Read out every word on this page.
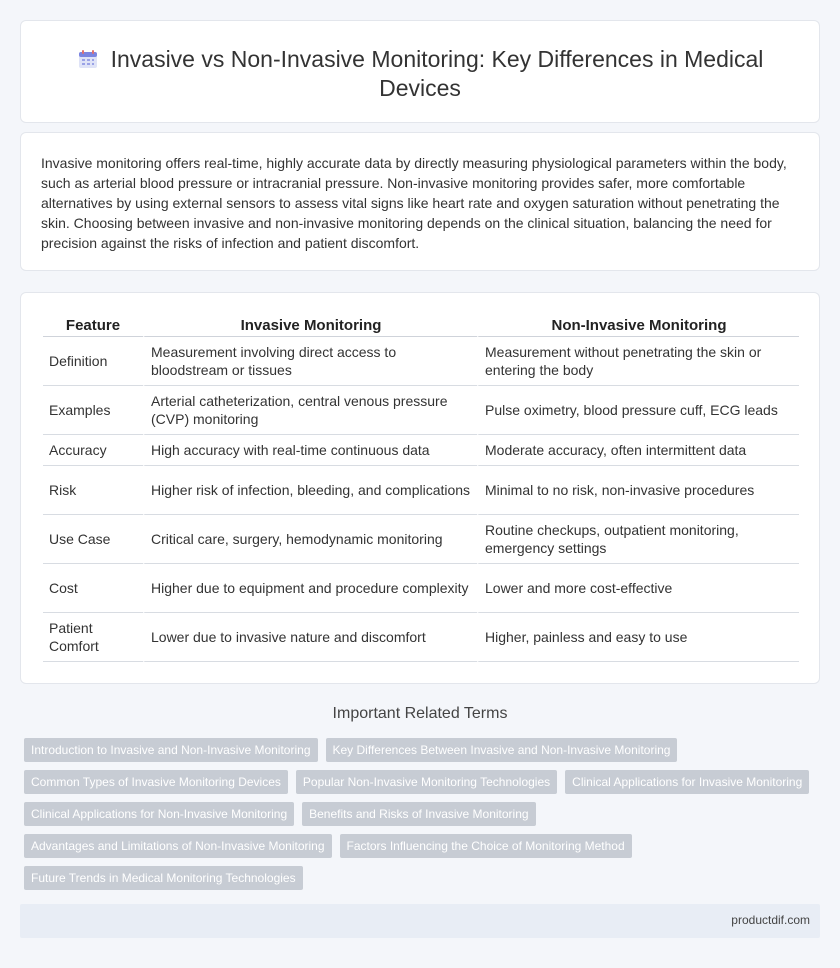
Invasive vs Non-Invasive Monitoring: Key Differences in Medical Devices

Invasive monitoring offers real-time, highly accurate data by directly measuring physiological parameters within the body, such as arterial blood pressure or intracranial pressure. Non-invasive monitoring provides safer, more comfortable alternatives by using external sensors to assess vital signs like heart rate and oxygen saturation without penetrating the skin. Choosing between invasive and non-invasive monitoring depends on the clinical situation, balancing the need for precision against the risks of infection and patient discomfort.

Feature	Invasive Monitoring	Non-Invasive Monitoring
Definition	Measurement involving direct access to bloodstream or tissues	Measurement without penetrating the skin or entering the body
Examples	Arterial catheterization, central venous pressure (CVP) monitoring	Pulse oximetry, blood pressure cuff, ECG leads
Accuracy	High accuracy with real-time continuous data	Moderate accuracy, often intermittent data
Risk	Higher risk of infection, bleeding, and complications	Minimal to no risk, non-invasive procedures
Use Case	Critical care, surgery, hemodynamic monitoring	Routine checkups, outpatient monitoring, emergency settings
Cost	Higher due to equipment and procedure complexity	Lower and more cost-effective
Patient Comfort	Lower due to invasive nature and discomfort	Higher, painless and easy to use
Important Related Terms
Introduction to Invasive and Non-Invasive Monitoring	Key Differences Between Invasive and Non-Invasive Monitoring
Common Types of Invasive Monitoring Devices	Popular Non-Invasive Monitoring Technologies	Clinical Applications for Invasive Monitoring
Clinical Applications for Non-Invasive Monitoring	Benefits and Risks of Invasive Monitoring
Advantages and Limitations of Non-Invasive Monitoring	Factors Influencing the Choice of Monitoring Method
Future Trends in Medical Monitoring Technologies
productdif.com
